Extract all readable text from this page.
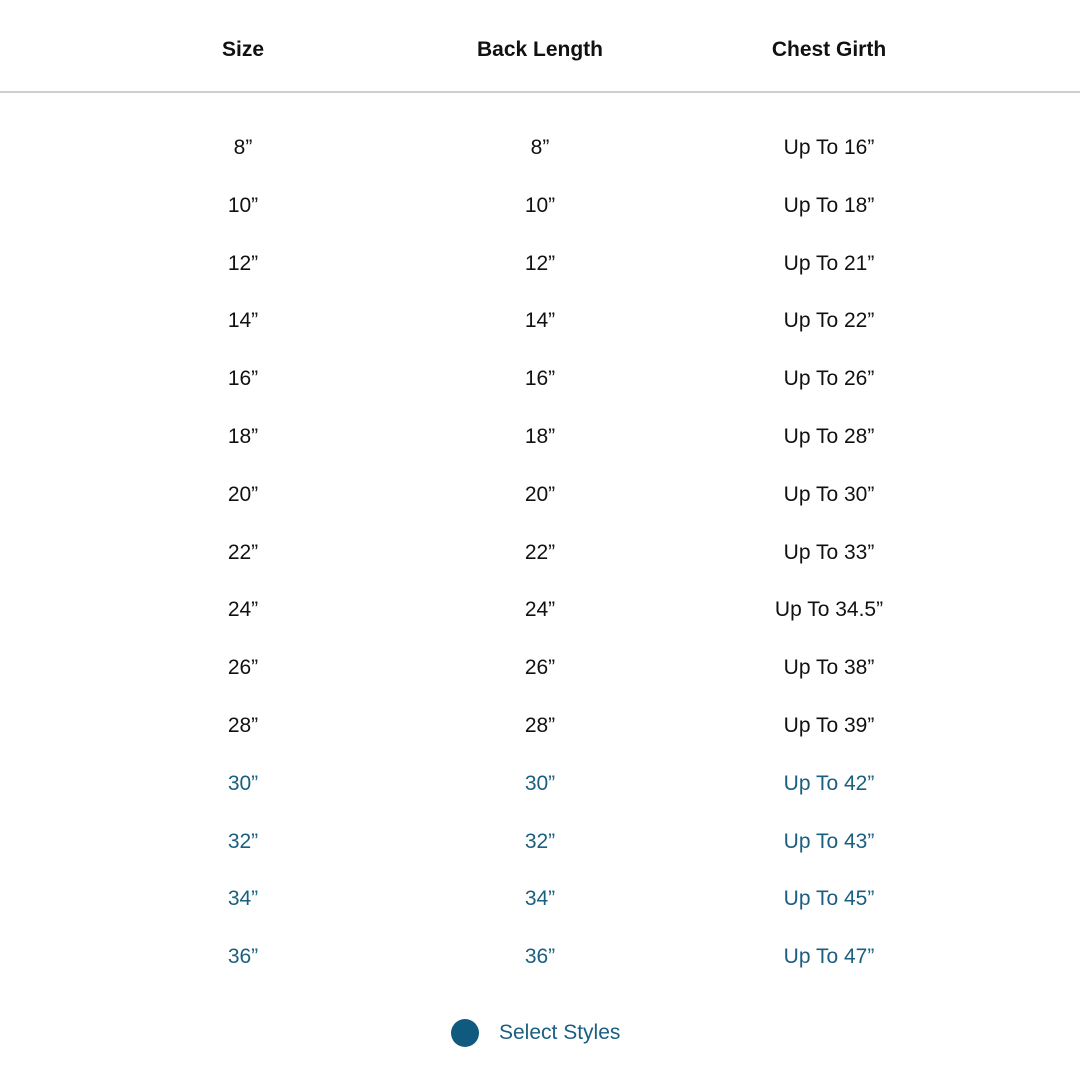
Size	Back Length	Chest Girth
8”	8”	Up To 16”
10”	10”	Up To 18”
12”	12”	Up To 21”
14”	14”	Up To 22”
16”	16”	Up To 26”
18”	18”	Up To 28”
20”	20”	Up To 30”
22”	22”	Up To 33”
24”	24”	Up To 34.5”
26”	26”	Up To 38”
28”	28”	Up To 39”
30”	30”	Up To 42”
32”	32”	Up To 43”
34”	34”	Up To 45”
36”	36”	Up To 47”
Select Styles
